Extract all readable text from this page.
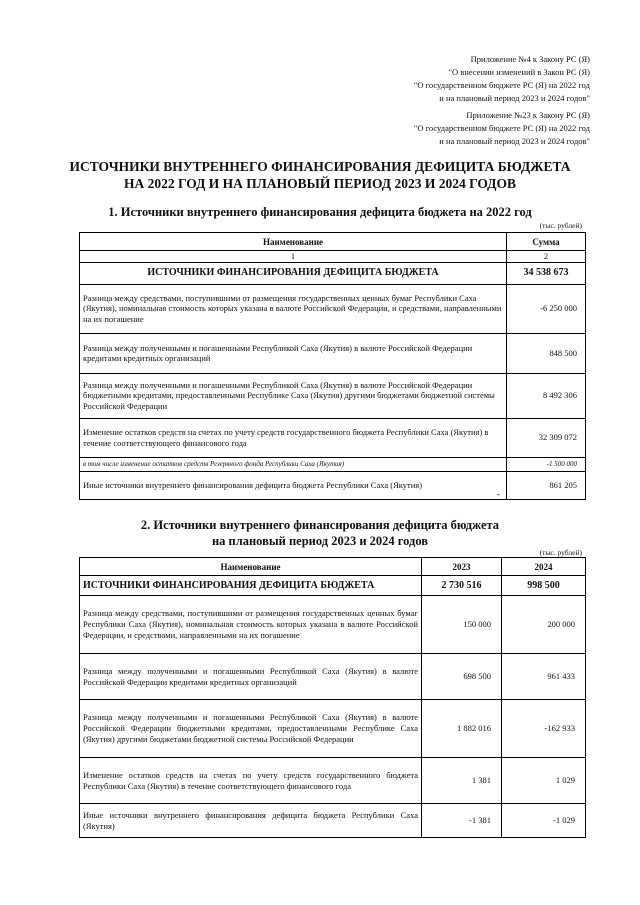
Приложение №4 к Закону РС (Я)
"О внесении изменений в Закон РС (Я)
"О государственном бюджете РС (Я) на 2022 год
и на плановый период 2023 и 2024 годов"
Приложение №23 к Закону РС (Я)
"О государственном бюджете РС (Я) на 2022 год
и на плановый период 2023 и 2024 годов"
ИСТОЧНИКИ ВНУТРЕННЕГО ФИНАНСИРОВАНИЯ ДЕФИЦИТА БЮДЖЕТА
НА 2022 ГОД И НА ПЛАНОВЫЙ ПЕРИОД 2023 И 2024 ГОДОВ
1. Источники внутреннего финансирования дефицита бюджета на 2022 год
(тыс. рублей)
Наименование	Сумма
1	2
ИСТОЧНИКИ ФИНАНСИРОВАНИЯ ДЕФИЦИТА БЮДЖЕТА	34 538 673
Разница между средствами, поступившими от размещения государственных ценных бумаг Республики Саха (Якутия), номинальная стоимость которых указана в валюте Российской Федерации, и средствами, направленными на их погашение	-6 250 000
Разница между полученными и погашенными Республикой Саха (Якутия) в валюте Российской Федерации кредитами кредитных организаций	848 500
Разница между полученными и погашенными Республикой Саха (Якутия) в валюте Российской Федерации бюджетными кредитами, предоставленными Республике Саха (Якутия) другими бюджетами бюджетной системы Российской Федерации	8 492 306
Изменение остатков средств на счетах по учету средств государственного бюджета Республики Саха (Якутия) в течение соответствующего финансового года	32 309 072
в том числе изменение остатков средств Резервного фонда Республики Саха (Якутия)	-1 500 000
Иные источники внутреннего финансирования дефицита бюджета Республики Саха (Якутия)	861 205
-
2. Источники внутреннего финансирования дефицита бюджета
на плановый период 2023 и 2024 годов
(тыс. рублей)
Наименование	2023	2024
ИСТОЧНИКИ ФИНАНСИРОВАНИЯ ДЕФИЦИТА БЮДЖЕТА	2 730 516	998 500
Разница между средствами, поступившими от размещения государственных ценных бумаг Республики Саха (Якутия), номинальная стоимость которых указана в валюте Российской Федерации, и средствами, направленными на их погашение	150 000	200 000
Разница между полученными и погашенными Республикой Саха (Якутия) в валюте Российской Федерации кредитами кредитных организаций	698 500	961 433
Разница между полученными и погашенными Республикой Саха (Якутия) в валюте Российской Федерации бюджетными кредитами, предоставленными Республике Саха (Якутия) другими бюджетами бюджетной системы Российской Федерации	1 882 016	-162 933
Изменение остатков средств на счетах по учету средств государственного бюджета Республики Саха (Якутия) в течение соответствующего финансового года	1 381	1 029
Иные источники внутреннего финансирования дефицита бюджета Республики Саха (Якутия)	-1 381	-1 029
